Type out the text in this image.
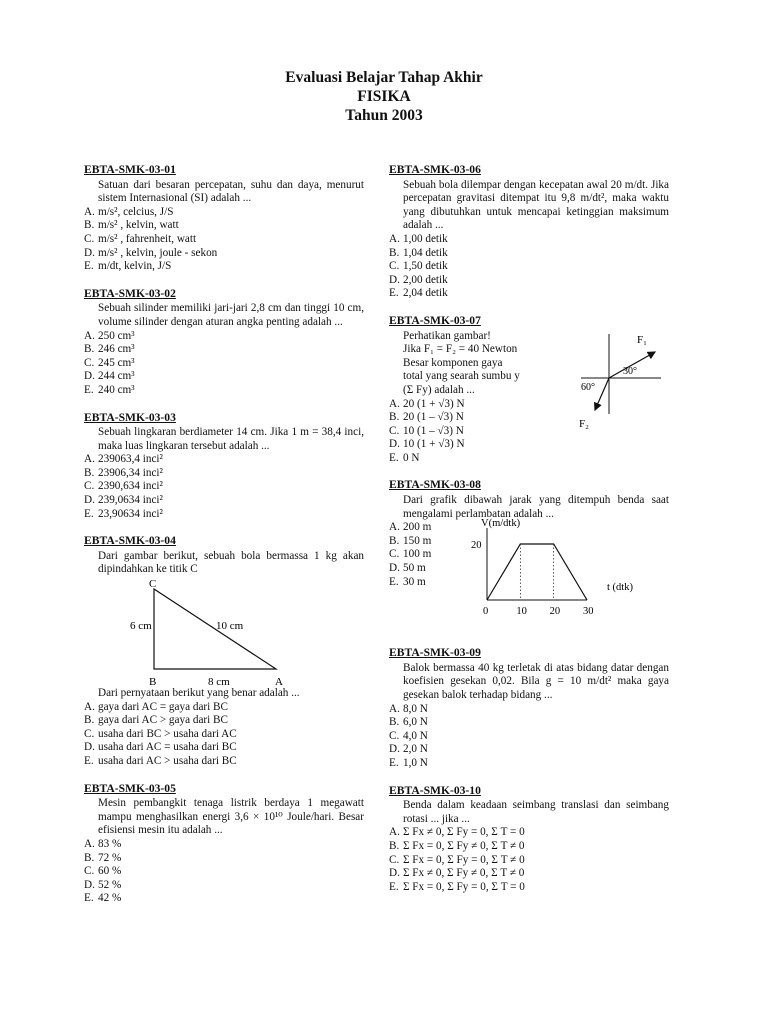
Evaluasi Belajar Tahap Akhir
FISIKA
Tahun 2003
EBTA-SMK-03-01
Satuan dari besaran percepatan, suhu dan daya, menurut sistem Internasional (SI) adalah ...
A. m/s², celcius, J/S
B. m/s² , kelvin, watt
C. m/s² , fahrenheit, watt
D. m/s² , kelvin, joule - sekon
E. m/dt, kelvin, J/S
EBTA-SMK-03-02
Sebuah silinder memiliki jari-jari 2,8 cm dan tinggi 10 cm, volume silinder dengan aturan angka penting adalah ...
A. 250 cm³
B. 246 cm³
C. 245 cm³
D. 244 cm³
E. 240 cm³
EBTA-SMK-03-03
Sebuah lingkaran berdiameter 14 cm. Jika 1 m = 38,4 inci, maka luas lingkaran tersebut adalah ...
A. 239063,4 inci²
B. 23906,34 inci²
C. 2390,634 inci²
D. 239,0634 inci²
E. 23,90634 inci²
EBTA-SMK-03-04
Dari gambar berikut, sebuah bola bermassa 1 kg akan dipindahkan ke titik C
C
B	A
6 cm	10 cm
8 cm
Dari pernyataan berikut yang benar adalah ...
A. gaya dari AC = gaya dari BC
B. gaya dari AC > gaya dari BC
C. usaha dari BC > usaha dari AC
D. usaha dari AC = usaha dari BC
E. usaha dari AC > usaha dari BC
EBTA-SMK-03-05
Mesin pembangkit tenaga listrik berdaya 1 megawatt mampu menghasilkan energi 3,6 × 10¹⁰ Joule/hari. Besar efisiensi mesin itu adalah ...
A. 83 %
B. 72 %
C. 60 %
D. 52 %
E. 42 %
EBTA-SMK-03-06
Sebuah bola dilempar dengan kecepatan awal 20 m/dt. Jika percepatan gravitasi ditempat itu 9,8 m/dt², maka waktu yang dibutuhkan untuk mencapai ketinggian maksimum adalah ...
A. 1,00 detik
B. 1,04 detik
C. 1,50 detik
D. 2,00 detik
E. 2,04 detik
EBTA-SMK-03-07
Perhatikan gambar!
Jika F₁ = F₂ = 40 Newton
Besar komponen gaya
total yang searah sumbu y
(Σ Fy) adalah ...
A. 20 (1 + √3) N
B. 20 (1 – √3) N
C. 10 (1 – √3) N
D. 10 (1 + √3) N
E. 0 N
F₁
F₂
30°
60°
EBTA-SMK-03-08
Dari grafik dibawah jarak yang ditempuh benda saat mengalami perlambatan adalah ...
A. 200 m
B. 150 m
C. 100 m
D. 50 m
E. 30 m
V(m/dtk)
t (dtk)
0	10 20 30
20
EBTA-SMK-03-09
Balok bermassa 40 kg terletak di atas bidang datar dengan koefisien gesekan 0,02. Bila g = 10 m/dt² maka gaya gesekan balok terhadap bidang ...
A. 8,0 N
B. 6,0 N
C. 4,0 N
D. 2,0 N
E. 1,0 N
EBTA-SMK-03-10
Benda dalam keadaan seimbang translasi dan seimbang rotasi ... jika ...
A. Σ Fx ≠ 0, Σ Fy = 0, Σ T = 0
B. Σ Fx = 0, Σ Fy ≠ 0, Σ T ≠ 0
C. Σ Fx = 0, Σ Fy = 0, Σ T ≠ 0
D. Σ Fx ≠ 0, Σ Fy ≠ 0, Σ T ≠ 0
E. Σ Fx = 0, Σ Fy = 0, Σ T = 0
